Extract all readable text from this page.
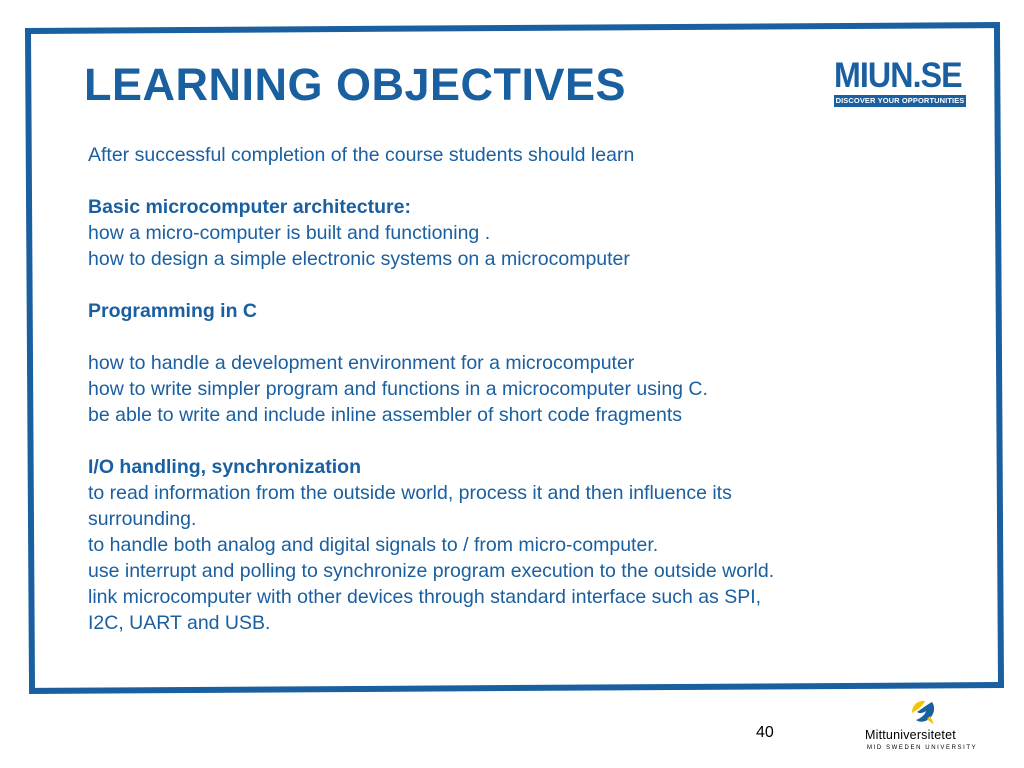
LEARNING OBJECTIVES	MIUN.SE
DISCOVER YOUR OPPORTUNITIES
After successful completion of the course students should learn
Basic microcomputer architecture:
how a micro-computer is built and functioning .
how to design a simple electronic systems on a microcomputer
Programming in C
how to handle a development environment for a microcomputer
how to write simpler program and functions in a microcomputer using C.
be able to write and include inline assembler of short code fragments
I/O handling, synchronization
to read information from the outside world, process it and then influence its
surrounding.
to handle both analog and digital signals to / from micro-computer.
use interrupt and polling to synchronize program execution to the outside world.
link microcomputer with other devices through standard interface such as SPI,
I2C, UART and USB.
40	Mittuniversitetet
MID SWEDEN UNIVERSITY
